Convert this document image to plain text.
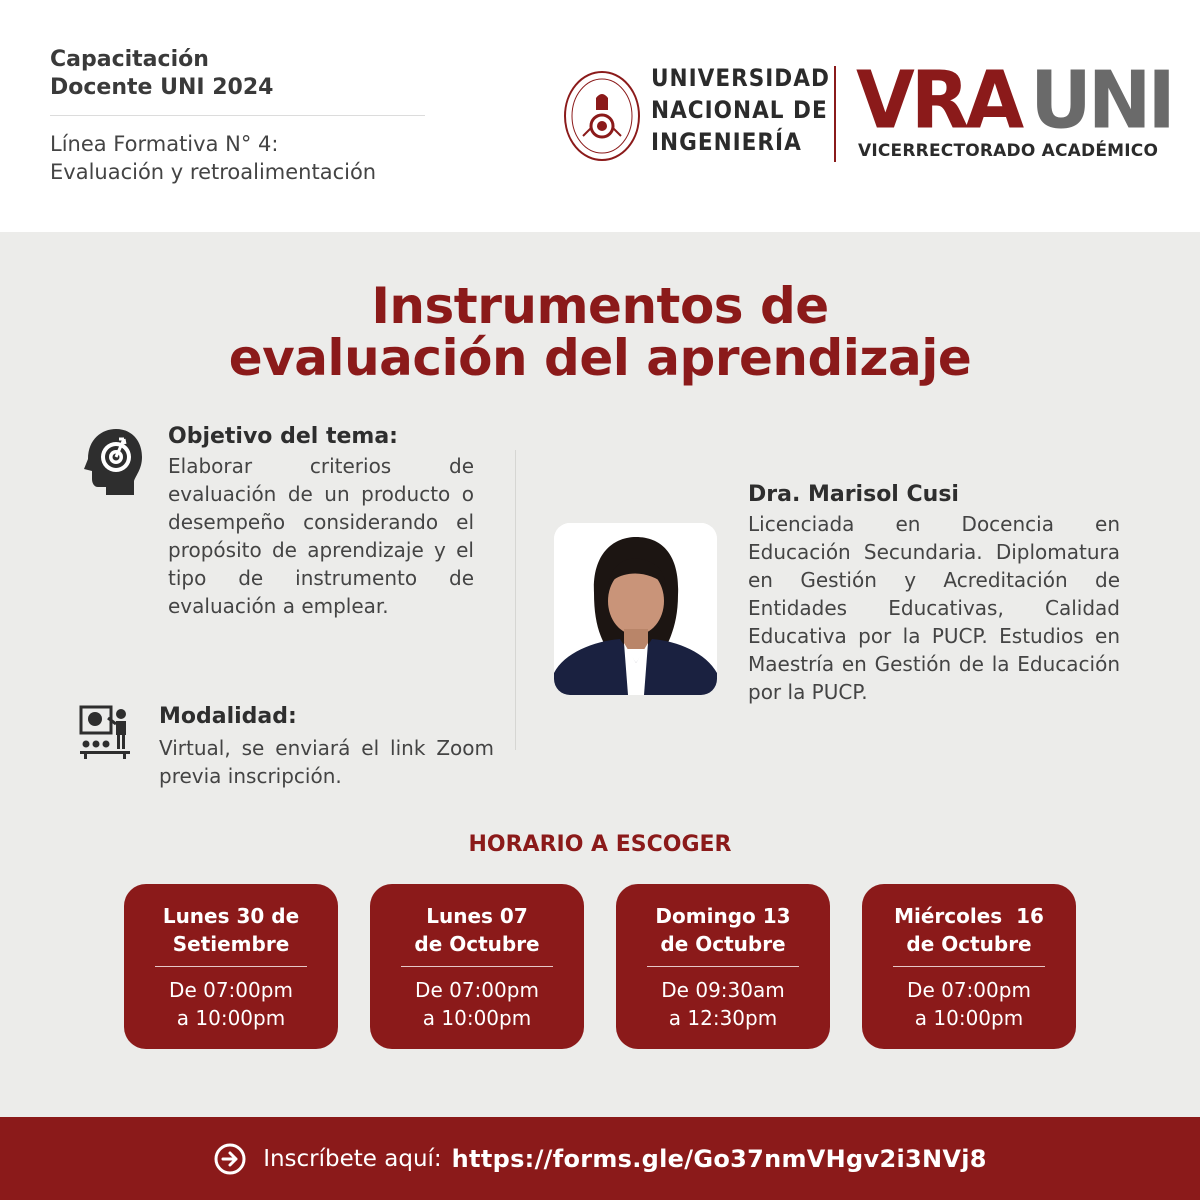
Capacitación
Docente UNI 2024
Línea Formativa N° 4:
Evaluación y retroalimentación
UNIVERSIDAD
NACIONAL DE
INGENIERÍA VRA UNI
VICERRECTORADO ACADÉMICO
Instrumentos de
evaluación del aprendizaje
Objetivo del tema:
Elaborar criterios de evaluación de un producto o desempeño considerando el propósito de aprendizaje y el tipo de instrumento de evaluación a emplear.
Modalidad:
Virtual, se enviará el link Zoom previa inscripción.
Dra. Marisol Cusi
Licenciada en Docencia en Educación Secundaria. Diplomatura en Gestión y Acreditación de Entidades Educativas, Calidad Educativa por la PUCP. Estudios en Maestría en Gestión de la Educación por la PUCP.
HORARIO A ESCOGER
Lunes 30 de
Setiembre
De 07:00pm
a 10:00pm
Lunes 07
de Octubre
De 07:00pm
a 10:00pm
Domingo 13
de Octubre
De 09:30am
a 12:30pm
Miércoles  16
de Octubre
De 07:00pm
a 10:00pm
Inscríbete aquí: https://forms.gle/Go37nmVHgv2i3NVj8
